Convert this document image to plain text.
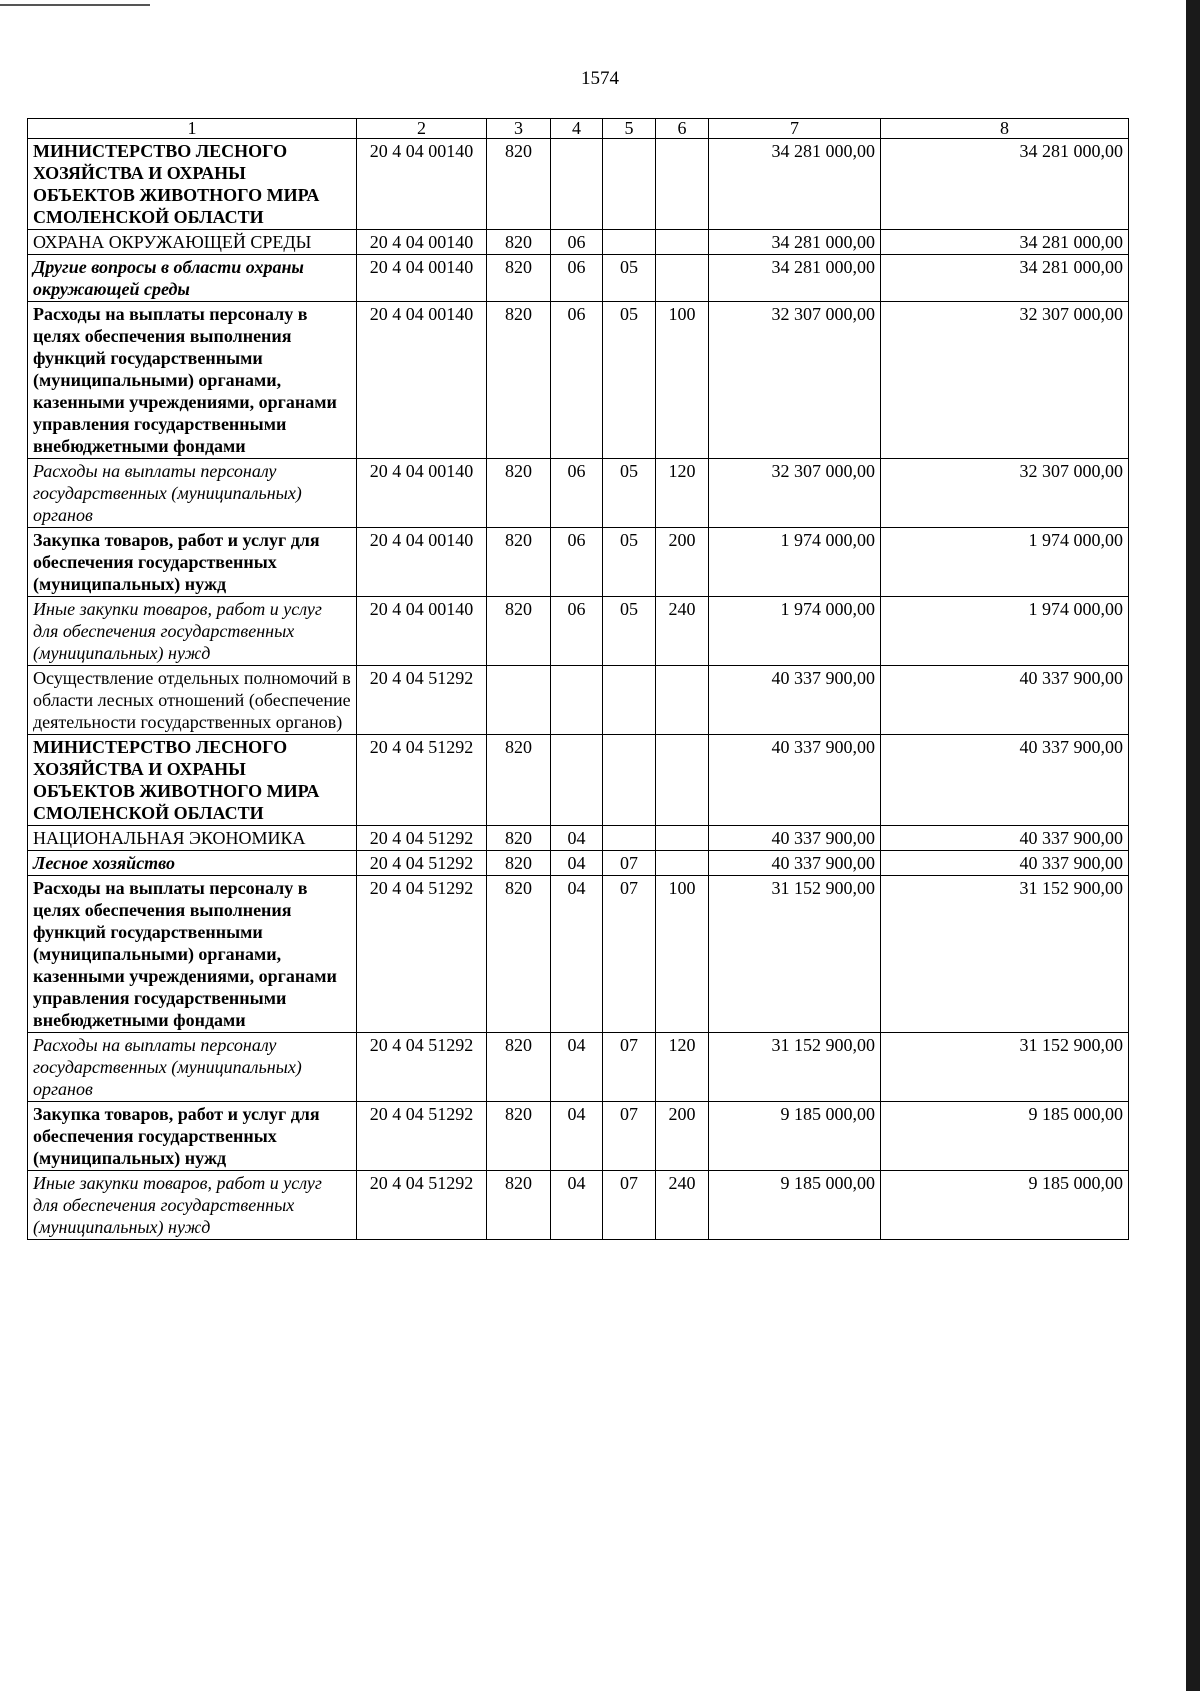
1574
1	2	3	4	5	6	7	8
МИНИСТЕРСТВО ЛЕСНОГО ХОЗЯЙСТВА И ОХРАНЫ ОБЪЕКТОВ ЖИВОТНОГО МИРА СМОЛЕНСКОЙ ОБЛАСТИ	20 4 04 00140	820				34 281 000,00	34 281 000,00
ОХРАНА ОКРУЖАЮЩЕЙ СРЕДЫ	20 4 04 00140	820	06			34 281 000,00	34 281 000,00
Другие вопросы в области охраны окружающей среды	20 4 04 00140	820	06	05		34 281 000,00	34 281 000,00
Расходы на выплаты персоналу в целях обеспечения выполнения функций государственными (муниципальными) органами, казенными учреждениями, органами управления государственными внебюджетными фондами	20 4 04 00140	820	06	05	100	32 307 000,00	32 307 000,00
Расходы на выплаты персоналу государственных (муниципальных) органов	20 4 04 00140	820	06	05	120	32 307 000,00	32 307 000,00
Закупка товаров, работ и услуг для обеспечения государственных (муниципальных) нужд	20 4 04 00140	820	06	05	200	1 974 000,00	1 974 000,00
Иные закупки товаров, работ и услуг для обеспечения государственных (муниципальных) нужд	20 4 04 00140	820	06	05	240	1 974 000,00	1 974 000,00
Осуществление отдельных полномочий в области лесных отношений (обеспечение деятельности государственных органов)	20 4 04 51292					40 337 900,00	40 337 900,00
МИНИСТЕРСТВО ЛЕСНОГО ХОЗЯЙСТВА И ОХРАНЫ ОБЪЕКТОВ ЖИВОТНОГО МИРА СМОЛЕНСКОЙ ОБЛАСТИ	20 4 04 51292	820				40 337 900,00	40 337 900,00
НАЦИОНАЛЬНАЯ ЭКОНОМИКА	20 4 04 51292	820	04			40 337 900,00	40 337 900,00
Лесное хозяйство	20 4 04 51292	820	04	07		40 337 900,00	40 337 900,00
Расходы на выплаты персоналу в целях обеспечения выполнения функций государственными (муниципальными) органами, казенными учреждениями, органами управления государственными внебюджетными фондами	20 4 04 51292	820	04	07	100	31 152 900,00	31 152 900,00
Расходы на выплаты персоналу государственных (муниципальных) органов	20 4 04 51292	820	04	07	120	31 152 900,00	31 152 900,00
Закупка товаров, работ и услуг для обеспечения государственных (муниципальных) нужд	20 4 04 51292	820	04	07	200	9 185 000,00	9 185 000,00
Иные закупки товаров, работ и услуг для обеспечения государственных (муниципальных) нужд	20 4 04 51292	820	04	07	240	9 185 000,00	9 185 000,00
